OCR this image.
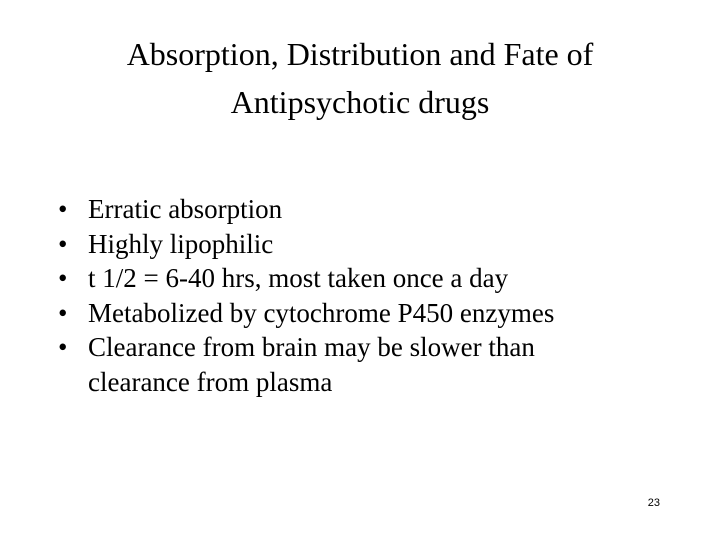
Absorption, Distribution and Fate of
Antipsychotic drugs
• Erratic absorption
• Highly lipophilic
• t 1/2 = 6-40 hrs, most taken once a day
• Metabolized by cytochrome P450 enzymes
• Clearance from brain may be slower than
clearance from plasma
23
